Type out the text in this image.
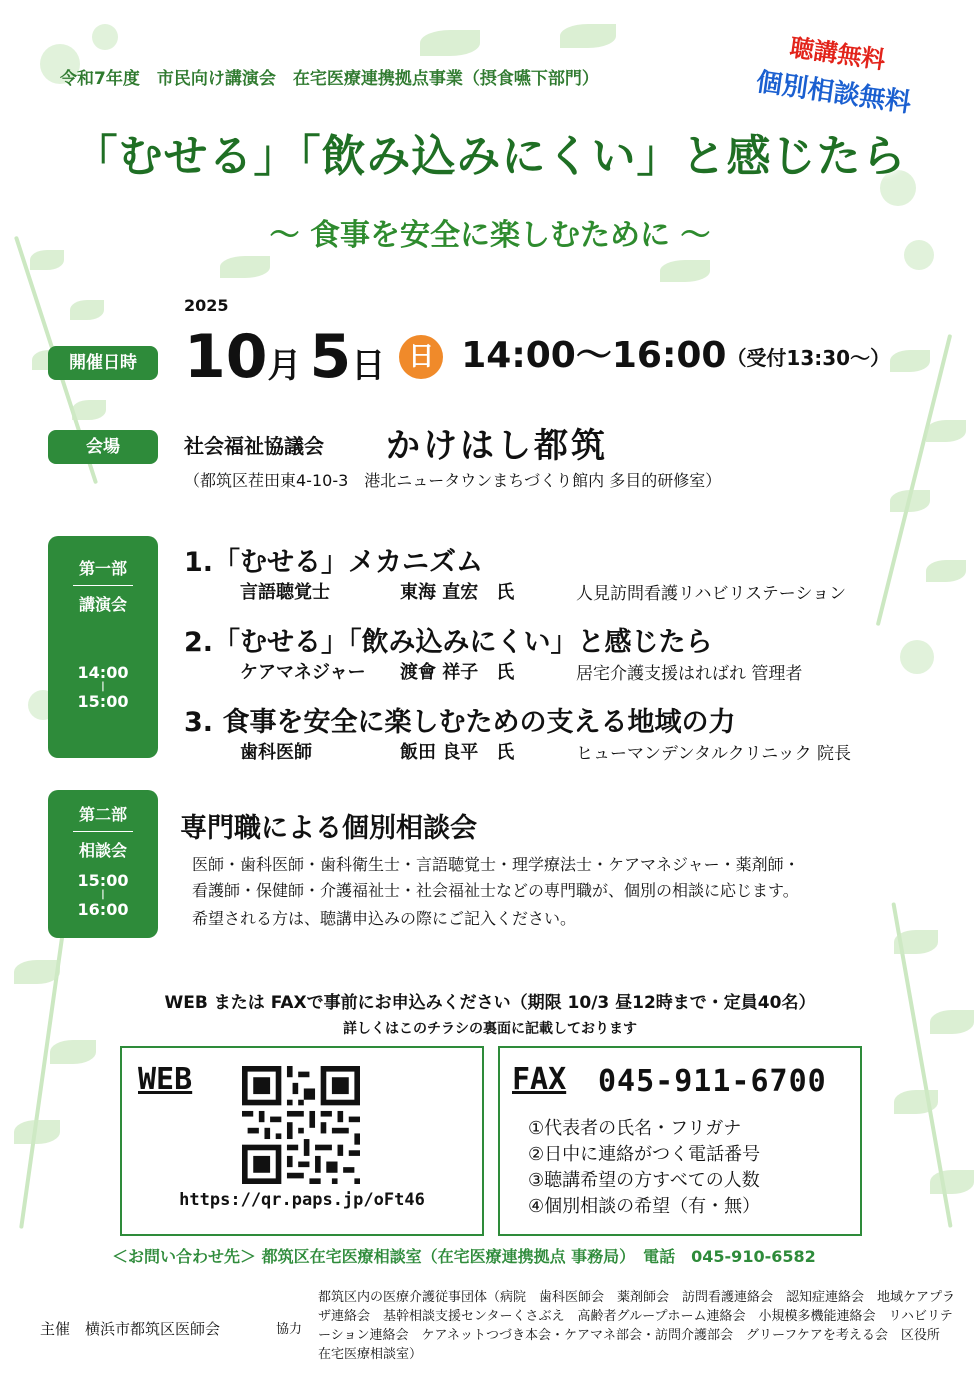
令和7年度　市民向け講演会　在宅医療連携拠点事業（摂食嚥下部門）
聴講無料
個別相談無料
「むせる」「飲み込みにくい」と感じたら
〜 食事を安全に楽しむために 〜
開催日時
2025
10月 5日 日 14:00〜16:00（受付13:30〜）
会場	社会福祉協議会 かけはし都筑
（都筑区茬田東4-10-3　港北ニュータウンまちづくり館内 多目的研修室）
第一部
講演会
14:00
|
15:00
1.「むせる」メカニズム
言語聴覚士	東海 直宏　氏	人見訪問看護リハビリステーション
2.「むせる」「飲み込みにくい」と感じたら
ケアマネジャー 渡會 祥子　氏	居宅介護支援はればれ 管理者
3. 食事を安全に楽しむための支える地域の力
歯科医師	飯田 良平　氏	ヒューマンデンタルクリニック 院長
第二部
相談会
15:00
|
16:00
専門職による個別相談会
医師・歯科医師・歯科衛生士・言語聴覚士・理学療法士・ケアマネジャー・薬剤師・
看護師・保健師・介護福祉士・社会福祉士などの専門職が、個別の相談に応じます。
希望される方は、聴講申込みの際にご記入ください。
WEB または FAXで事前にお申込みください（期限 10/3 昼12時まで・定員40名）
詳しくはこのチラシの裏面に記載しております
WEB
https://qr.paps.jp/oFt46
FAX 045-911-6700
①代表者の氏名・フリガナ
②日中に連絡がつく電話番号
③聴講希望の方すべての人数
④個別相談の希望（有・無）
＜お問い合わせ先＞ 都筑区在宅医療相談室（在宅医療連携拠点 事務局）　電話　045-910-6582
主催　横浜市都筑区医師会	協力
都筑区内の医療介護従事団体（病院　歯科医師会　薬剤師会　訪問看護連絡会　認知症連絡会　地域ケアプラザ連絡会　基幹相談支援センターくさぶえ　高齢者グループホーム連絡会　小規模多機能連絡会　リハビリテーション連絡会　ケアネットつづき本会・ケアマネ部会・訪問介護部会　グリーフケアを考える会　区役所　在宅医療相談室）
